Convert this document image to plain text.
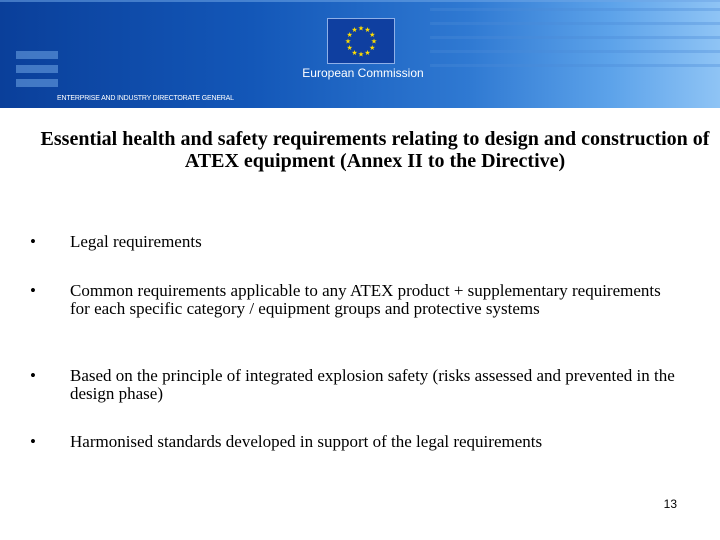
★ ★
★
★
★
★
★
★
★
★
★
★
European Commission
ENTERPRISE AND INDUSTRY DIRECTORATE GENERAL
Essential health and safety requirements relating to design and construction of ATEX equipment (Annex II to the Directive)
• Legal requirements
• Common requirements applicable to any ATEX product + supplementary requirements for each specific category / equipment groups and protective systems
• Based on the principle of integrated explosion safety (risks assessed and prevented in the design phase)
• Harmonised standards developed in support of the legal requirements
13
